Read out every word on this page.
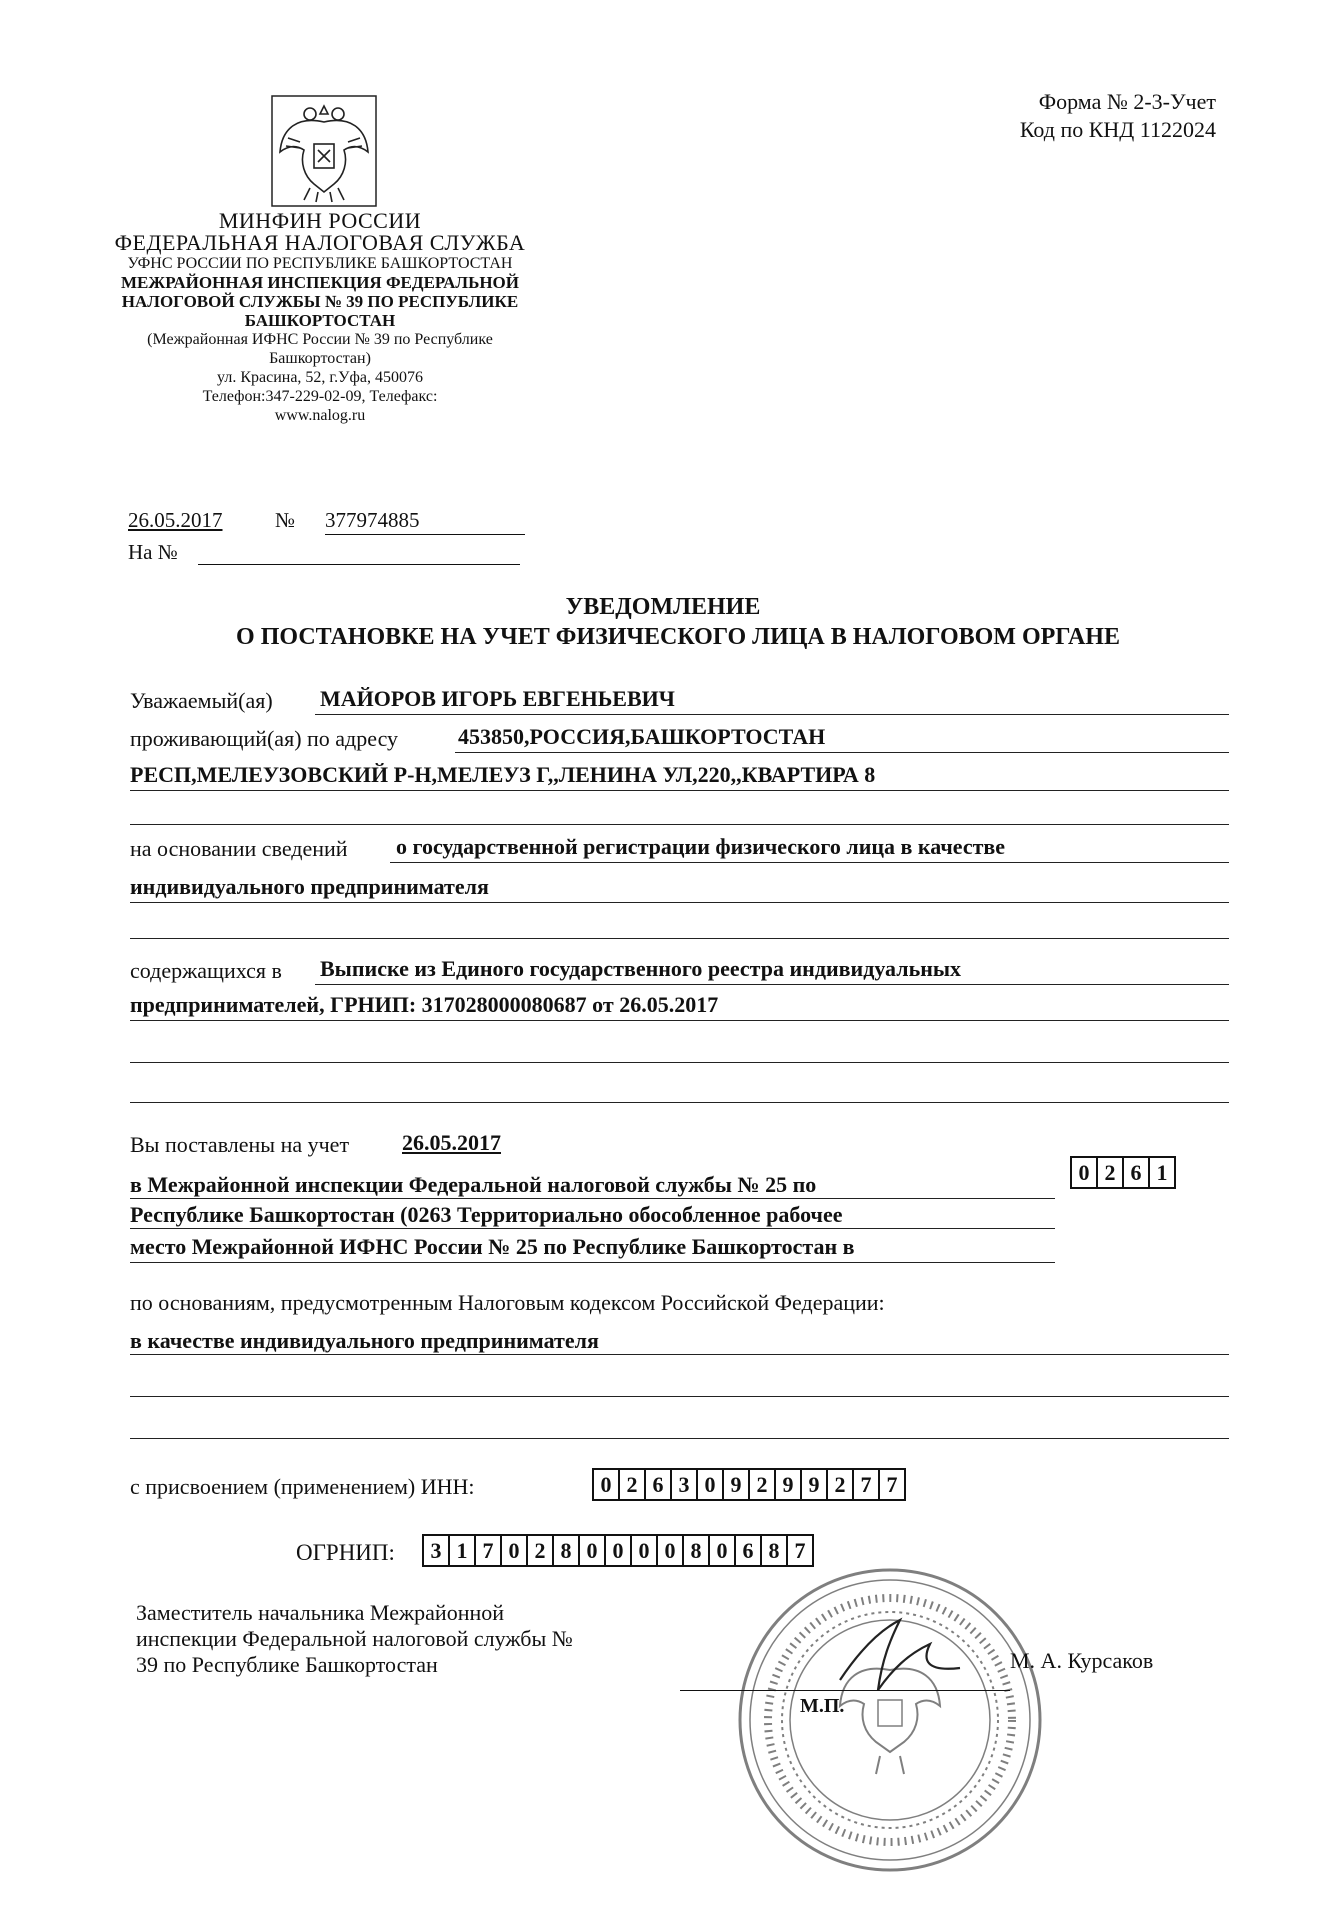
Форма № 2-3-Учет
Код по КНД 1122024
МИНФИН РОССИИ
ФЕДЕРАЛЬНАЯ НАЛОГОВАЯ СЛУЖБА
УФНС РОССИИ ПО РЕСПУБЛИКЕ БАШКОРТОСТАН
МЕЖРАЙОННАЯ ИНСПЕКЦИЯ ФЕДЕРАЛЬНОЙ
НАЛОГОВОЙ СЛУЖБЫ № 39 ПО РЕСПУБЛИКЕ
БАШКОРТОСТАН
(Межрайонная ИФНС России № 39 по Республике
Башкортостан)
ул. Красина, 52, г.Уфа, 450076
Телефон:347-229-02-09, Телефакс:
www.nalog.ru
26.05.2017	№ 377974885
На №
УВЕДОМЛЕНИЕ
О ПОСТАНОВКЕ НА УЧЕТ ФИЗИЧЕСКОГО ЛИЦА В НАЛОГОВОМ ОРГАНЕ
Уважаемый(ая) МАЙОРОВ ИГОРЬ ЕВГЕНЬЕВИЧ
проживающий(ая) по адресу	453850,РОССИЯ,БАШКОРТОСТАН
РЕСП,МЕЛЕУЗОВСКИЙ Р-Н,МЕЛЕУЗ Г,,ЛЕНИНА УЛ,220,,КВАРТИРА 8
на основании сведений о государственной регистрации физического лица в качестве
индивидуального предпринимателя
содержащихся в Выписке из Единого государственного реестра индивидуальных
предпринимателей, ГРНИП: 317028000080687 от 26.05.2017
Вы поставлены на учет 26.05.2017
в Межрайонной инспекции Федеральной налоговой службы № 25 по
Республике Башкортостан (0263 Территориально обособленное рабочее
место Межрайонной ИФНС России № 25 по Республике Башкортостан в
0 2 6 1
по основаниям, предусмотренным Налоговым кодексом Российской Федерации:
в качестве индивидуального предпринимателя
с присвоением (применением) ИНН:	0 2 6 3 0 9 2 9 9 2 7 7
ОГРНИП:	3 1 7 0 2 8 0 0 0 0 8 0 6 8 7
Заместитель начальника Межрайонной
инспекции Федеральной налоговой службы №
39 по Республике Башкортостан	М. А. Курсаков
М.П.
